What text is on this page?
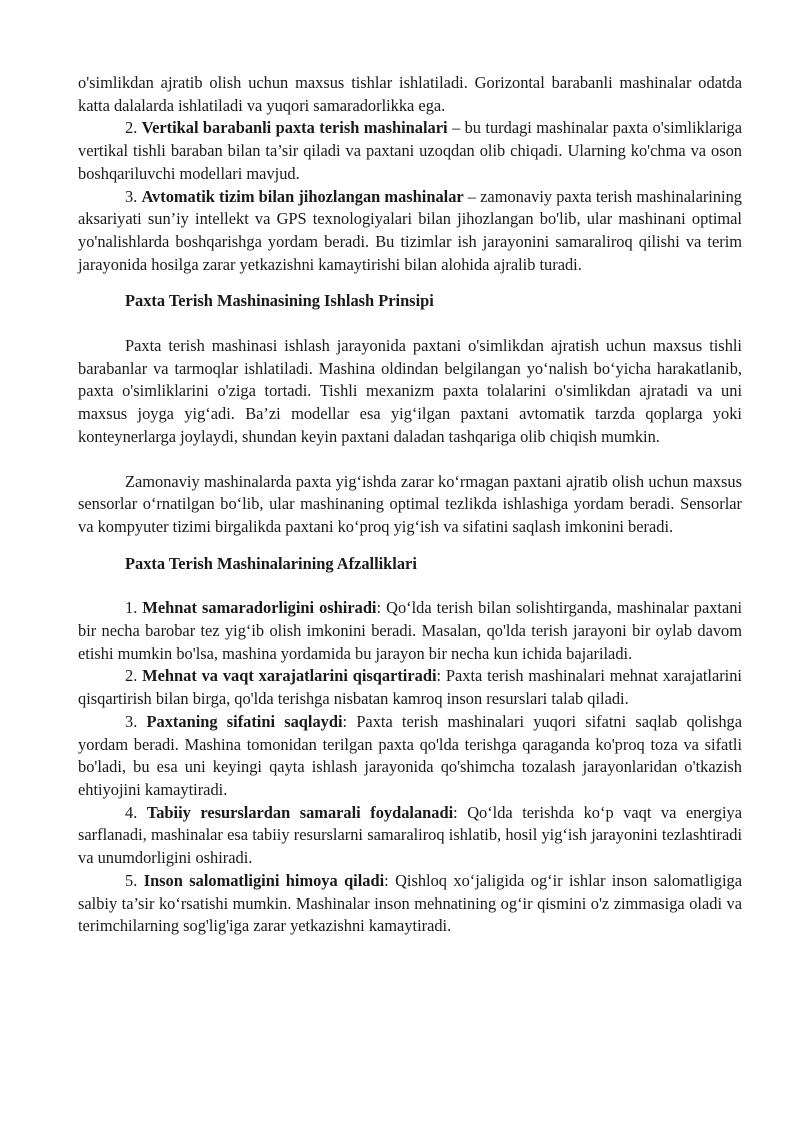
o'simlikdan ajratib olish uchun maxsus tishlar ishlatiladi. Gorizontal barabanli mashinalar odatda katta dalalarda ishlatiladi va yuqori samaradorlikka ega.

2. Vertikal barabanli paxta terish mashinalari – bu turdagi mashinalar paxta o'simliklariga vertikal tishli baraban bilan ta’sir qiladi va paxtani uzoqdan olib chiqadi. Ularning ko'chma va oson boshqariluvchi modellari mavjud.

3. Avtomatik tizim bilan jihozlangan mashinalar – zamonaviy paxta terish mashinalarining aksariyati sun’iy intellekt va GPS texnologiyalari bilan jihozlangan bo'lib, ular mashinani optimal yo'nalishlarda boshqarishga yordam beradi. Bu tizimlar ish jarayonini samaraliroq qilishi va terim jarayonida hosilga zarar yetkazishni kamaytirishi bilan alohida ajralib turadi.

Paxta Terish Mashinasining Ishlash Prinsipi

Paxta terish mashinasi ishlash jarayonida paxtani o'simlikdan ajratish uchun maxsus tishli barabanlar va tarmoqlar ishlatiladi. Mashina oldindan belgilangan yo‘nalish bo‘yicha harakatlanib, paxta o'simliklarini o'ziga tortadi. Tishli mexanizm paxta tolalarini o'simlikdan ajratadi va uni maxsus joyga yig‘adi. Ba’zi modellar esa yig‘ilgan paxtani avtomatik tarzda qoplarga yoki konteynerlarga joylaydi, shundan keyin paxtani daladan tashqariga olib chiqish mumkin.

Zamonaviy mashinalarda paxta yig‘ishda zarar ko‘rmagan paxtani ajratib olish uchun maxsus sensorlar o‘rnatilgan bo‘lib, ular mashinaning optimal tezlikda ishlashiga yordam beradi. Sensorlar va kompyuter tizimi birgalikda paxtani ko‘proq yig‘ish va sifatini saqlash imkonini beradi.

Paxta Terish Mashinalarining Afzalliklari

1. Mehnat samaradorligini oshiradi: Qo‘lda terish bilan solishtirganda, mashinalar paxtani bir necha barobar tez yig‘ib olish imkonini beradi. Masalan, qo'lda terish jarayoni bir oylab davom etishi mumkin bo'lsa, mashina yordamida bu jarayon bir necha kun ichida bajariladi.

2. Mehnat va vaqt xarajatlarini qisqartiradi: Paxta terish mashinalari mehnat xarajatlarini qisqartirish bilan birga, qo'lda terishga nisbatan kamroq inson resurslari talab qiladi.

3. Paxtaning sifatini saqlaydi: Paxta terish mashinalari yuqori sifatni saqlab qolishga yordam beradi. Mashina tomonidan terilgan paxta qo'lda terishga qaraganda ko'proq toza va sifatli bo'ladi, bu esa uni keyingi qayta ishlash jarayonida qo'shimcha tozalash jarayonlaridan o'tkazish ehtiyojini kamaytiradi.

4. Tabiiy resurslardan samarali foydalanadi: Qo‘lda terishda ko‘p vaqt va energiya sarflanadi, mashinalar esa tabiiy resurslarni samaraliroq ishlatib, hosil yig‘ish jarayonini tezlashtiradi va unumdorligini oshiradi.

5. Inson salomatligini himoya qiladi: Qishloq xo‘jaligida og‘ir ishlar inson salomatligiga salbiy ta’sir ko‘rsatishi mumkin. Mashinalar inson mehnatining og‘ir qismini o'z zimmasiga oladi va terimchilarning sog'lig'iga zarar yetkazishni kamaytiradi.
